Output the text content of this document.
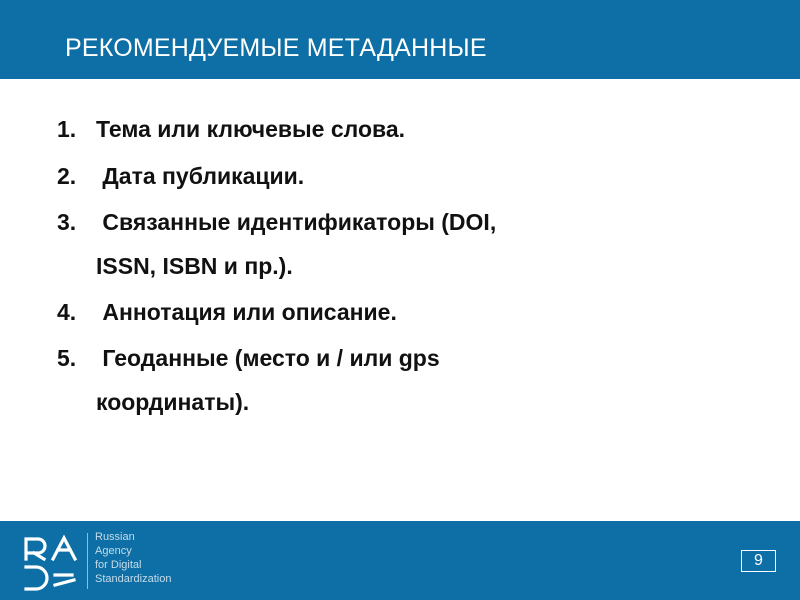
РЕКОМЕНДУЕМЫЕ МЕТАДАННЫЕ
1. Тема или ключевые слова.
2. Дата публикации.
3. Связанные идентификаторы (DOI,
ISSN, ISBN и пр.).
4. Аннотация или описание.
5. Геоданные (место и / или gps
координаты).
Russian
Agency
for Digital
Standardization
9
